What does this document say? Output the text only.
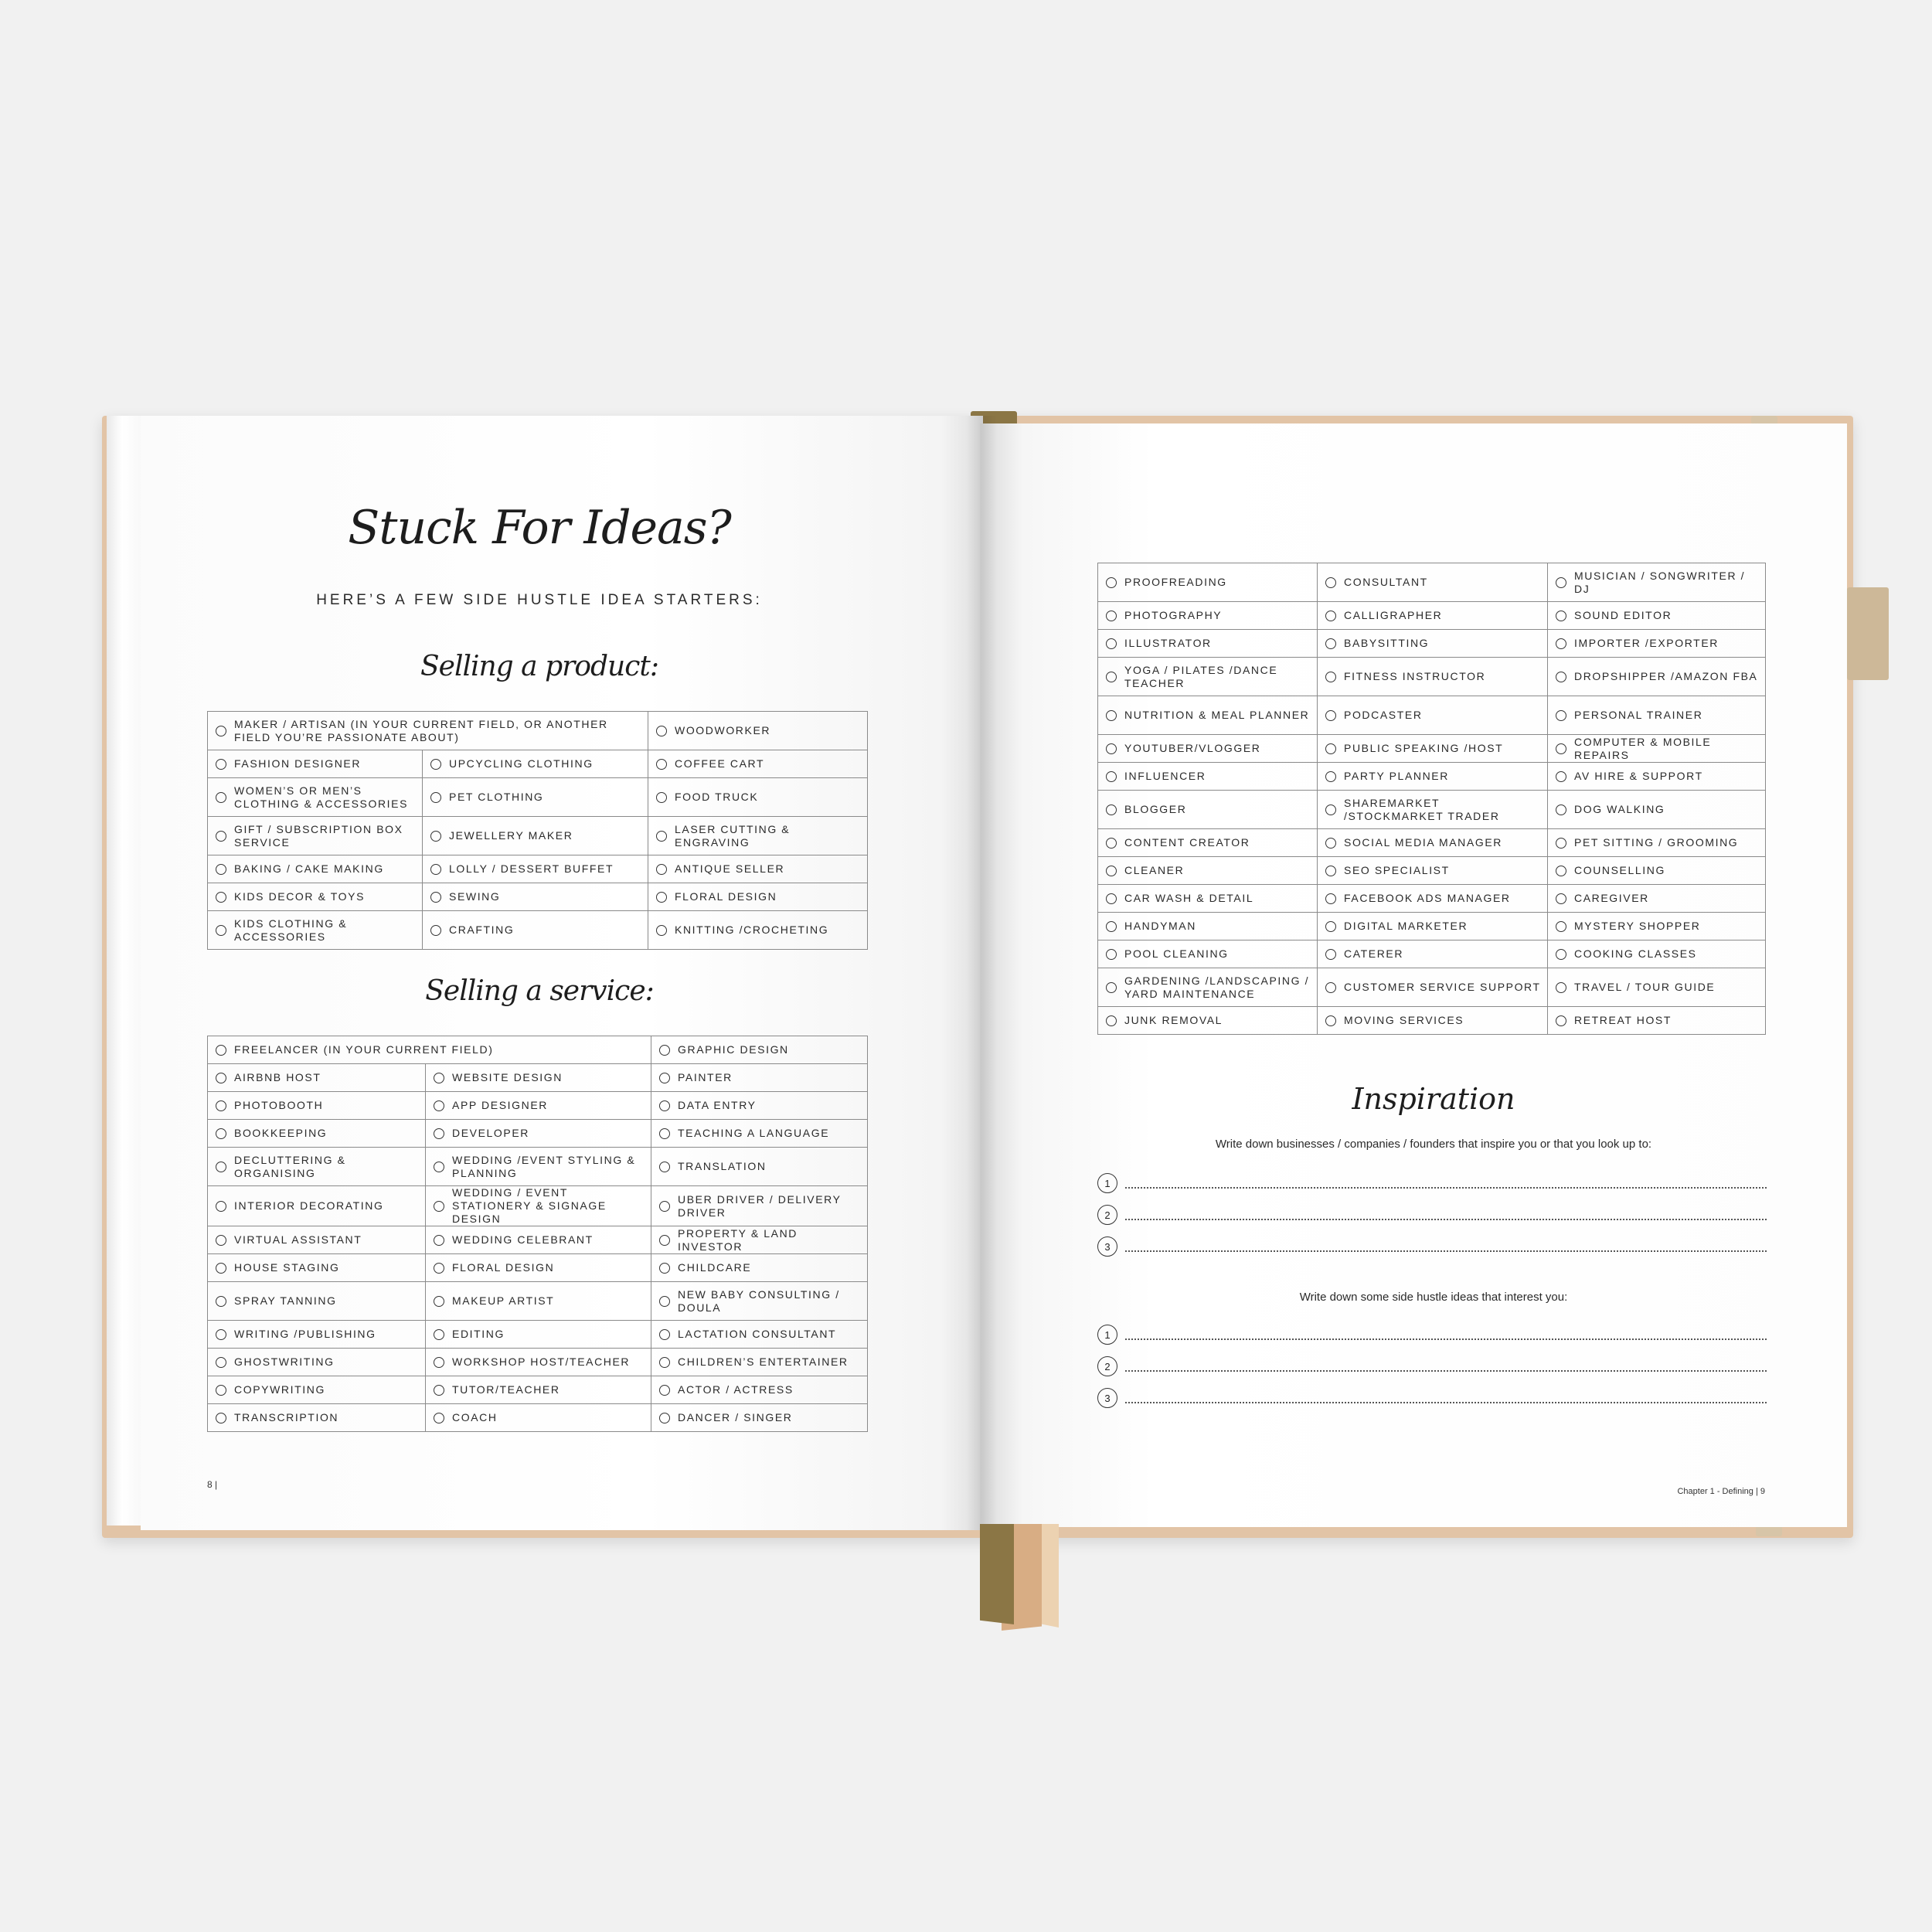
Stuck For Ideas?
HERE’S A FEW SIDE HUSTLE IDEA STARTERS:
Selling a product:
MAKER / ARTISAN (IN YOUR CURRENT FIELD, OR ANOTHER FIELD YOU’RE PASSIONATE ABOUT)		WOODWORKER

FASHION DESIGNER	UPCYCLING CLOTHING	COFFEE CART

WOMEN’S OR MEN’S CLOTHING & ACCESSORIES	PET CLOTHING	FOOD TRUCK

GIFT / SUBSCRIPTION BOX SERVICE	JEWELLERY MAKER	LASER CUTTING & ENGRAVING

BAKING / CAKE MAKING	LOLLY / DESSERT BUFFET	ANTIQUE SELLER

KIDS DECOR & TOYS	SEWING	FLORAL DESIGN

KIDS CLOTHING & ACCESSORIES	CRAFTING	KNITTING /CROCHETING
Selling a service:
FREELANCER (IN YOUR CURRENT FIELD)		GRAPHIC DESIGN

AIRBNB HOST	WEBSITE DESIGN	PAINTER

PHOTOBOOTH	APP DESIGNER	DATA ENTRY

BOOKKEEPING	DEVELOPER	TEACHING A LANGUAGE

DECLUTTERING & ORGANISING	WEDDING /EVENT STYLING & PLANNING	TRANSLATION

INTERIOR DECORATING	WEDDING / EVENT STATIONERY & SIGNAGE DESIGN	UBER DRIVER / DELIVERY DRIVER

VIRTUAL ASSISTANT	WEDDING CELEBRANT	PROPERTY & LAND INVESTOR

HOUSE STAGING	FLORAL DESIGN	CHILDCARE

SPRAY TANNING	MAKEUP ARTIST	NEW BABY CONSULTING / DOULA

WRITING /PUBLISHING	EDITING	LACTATION CONSULTANT

GHOSTWRITING	WORKSHOP HOST/TEACHER	CHILDREN’S ENTERTAINER

COPYWRITING	TUTOR/TEACHER	ACTOR / ACTRESS

TRANSCRIPTION	COACH	DANCER / SINGER
8 |
PROOFREADING	CONSULTANT	MUSICIAN / SONGWRITER / DJ

PHOTOGRAPHY	CALLIGRAPHER	SOUND EDITOR

ILLUSTRATOR	BABYSITTING	IMPORTER /EXPORTER

YOGA / PILATES /DANCE TEACHER	FITNESS INSTRUCTOR	DROPSHIPPER /AMAZON FBA

NUTRITION & MEAL PLANNER	PODCASTER	PERSONAL TRAINER

YOUTUBER/VLOGGER	PUBLIC SPEAKING /HOST	COMPUTER & MOBILE REPAIRS

INFLUENCER	PARTY PLANNER	AV HIRE & SUPPORT

BLOGGER	SHAREMARKET /STOCKMARKET TRADER	DOG WALKING

CONTENT CREATOR	SOCIAL MEDIA MANAGER	PET SITTING / GROOMING

CLEANER	SEO SPECIALIST	COUNSELLING

CAR WASH & DETAIL	FACEBOOK ADS MANAGER	CAREGIVER

HANDYMAN	DIGITAL MARKETER	MYSTERY SHOPPER

POOL CLEANING	CATERER	COOKING CLASSES

GARDENING /LANDSCAPING / YARD MAINTENANCE	CUSTOMER SERVICE SUPPORT	TRAVEL / TOUR GUIDE

JUNK REMOVAL	MOVING SERVICES	RETREAT HOST
Inspiration
Write down businesses / companies / founders that inspire you or that you look up to:
1
2
3
Write down some side hustle ideas that interest you:
1
2
3
Chapter 1 - Defining | 9
